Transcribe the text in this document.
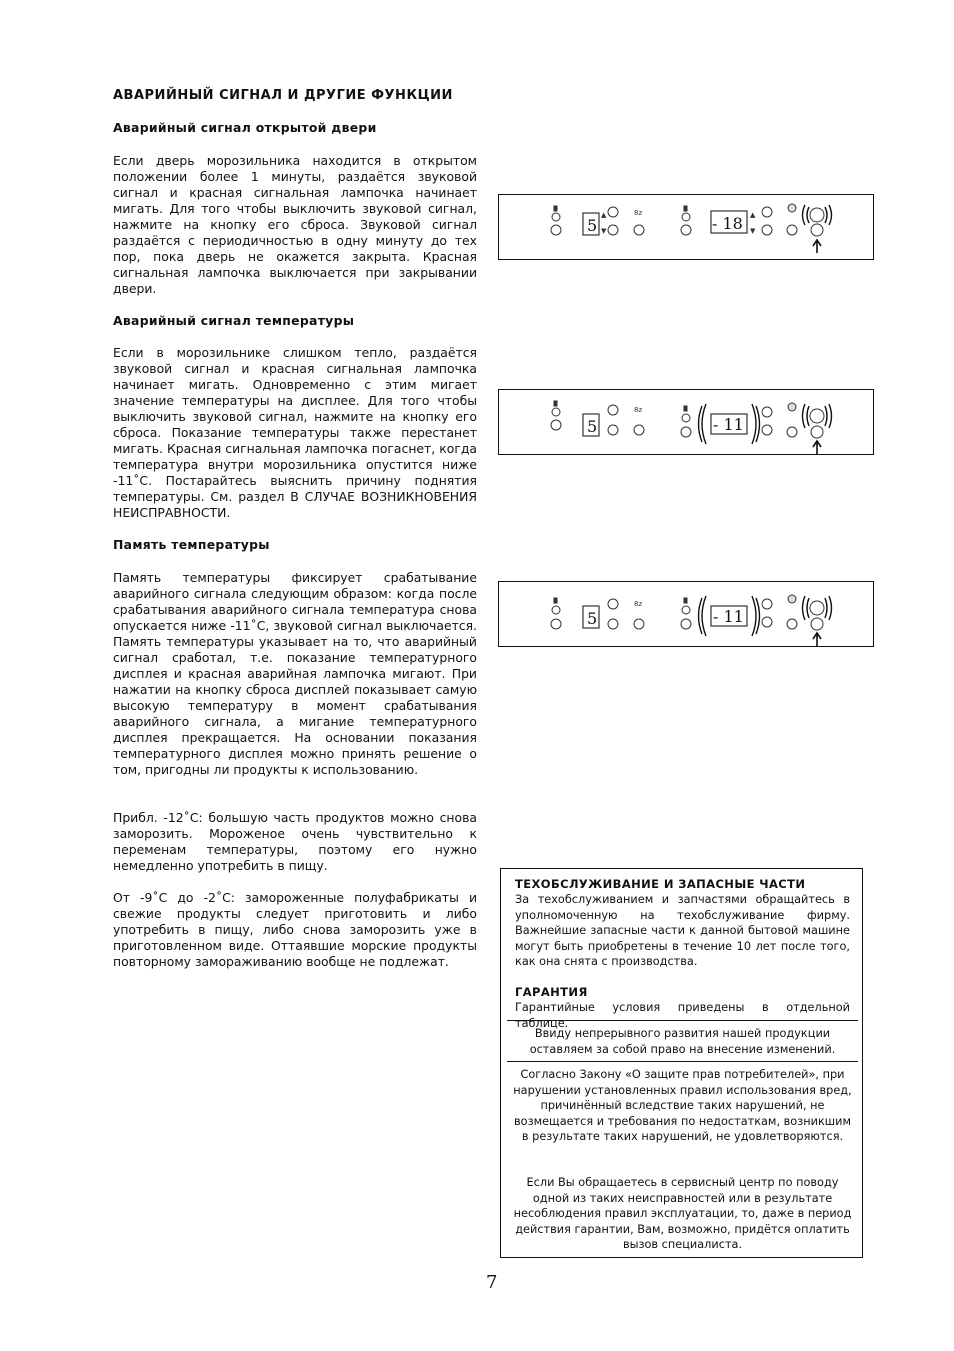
АВАРИЙНЫЙ СИГНАЛ И ДРУГИЕ ФУНКЦИИ
Аварийный сигнал открытой двери

Если дверь морозильника находится в открытом положении более 1 минуты, раздаётся звуковой сигнал и красная сигнальная лампочка начинает мигать. Для того чтобы выключить звуковой сигнал, нажмите на кнопку его сброса. Звуковой сигнал раздаётся с периодичностью в одну минуту до тех пор, пока дверь не окажется закрыта. Красная сигнальная лампочка выключается при закрывании двери.

Аварийный сигнал температуры

Если в морозильнике слишком тепло, раздаётся звуковой сигнал и красная сигнальная лампочка начинает мигать. Одновременно с этим мигает значение температуры на дисплее. Для того чтобы выключить звуковой сигнал, нажмите на кнопку его сброса. Показание температуры также перестанет мигать. Красная сигнальная лампочка погаснет, когда температура внутри морозильника опустится ниже -11˚C. Постарайтесь выяснить причину поднятия температуры. См. раздел В СЛУЧАЕ ВОЗНИКНОВЕНИЯ НЕИСПРАВНОСТИ.

Память температуры

Память температуры фиксирует срабатывание аварийного сигнала следующим образом: когда после срабатывания аварийного сигнала температура снова опускается ниже -11˚C, звуковой сигнал выключается. Память температуры указывает на то, что аварийный сигнал сработал, т.е. показание температурного дисплея и красная аварийная лампочка мигают. При нажатии на кнопку сброса дисплей показывает самую высокую температуру в момент срабатывания аварийного сигнала, а мигание температурного дисплея прекращается. На основании показания температурного дисплея можно принять решение о том, пригодны ли продукты к использованию.

Прибл. -12˚C: большую часть продуктов можно снова заморозить. Мороженое очень чувствительно к переменам температуры, поэтому его нужно немедленно употребить в пищу.

От -9˚C до -2˚C: замороженные полуфабрикаты и свежие продукты следует приготовить и либо употребить в пищу, либо снова заморозить уже в приготовленном виде. Оттаявшие морские продукты повторному замораживанию вообще не подлежат.

▲
▼
8z	▲
▼
5	- 18
8z
5	- 11
8z
5	- 11
ТЕХОБСЛУЖИВАНИЕ И ЗАПАСНЫЕ ЧАСТИ

За техобслуживанием и запчастями обращайтесь в уполномоченную на техобслуживание фирму. Важнейшие запасные части к данной бытовой машине могут быть приобретены в течение 10 лет после того, как она снята с производства.

ГАРАНТИЯ

Гарантийные условия приведены в отдельной таблице.

Ввиду непрерывного развития нашей продукции оставляем за собой право на внесение изменений.

Согласно Закону «О защите прав потребителей», при нарушении установленных правил использования вред, причинённый вследствие таких нарушений, не возмещается и требования по недостаткам, возникшим в результате таких нарушений, не удовлетворяются.

Если Вы обращаетесь в сервисный центр по поводу одной из таких неисправностей или в результате несоблюдения правил эксплуатации, то, даже в период действия гарантии, Вам, возможно, придётся оплатить вызов специалиста.

7
